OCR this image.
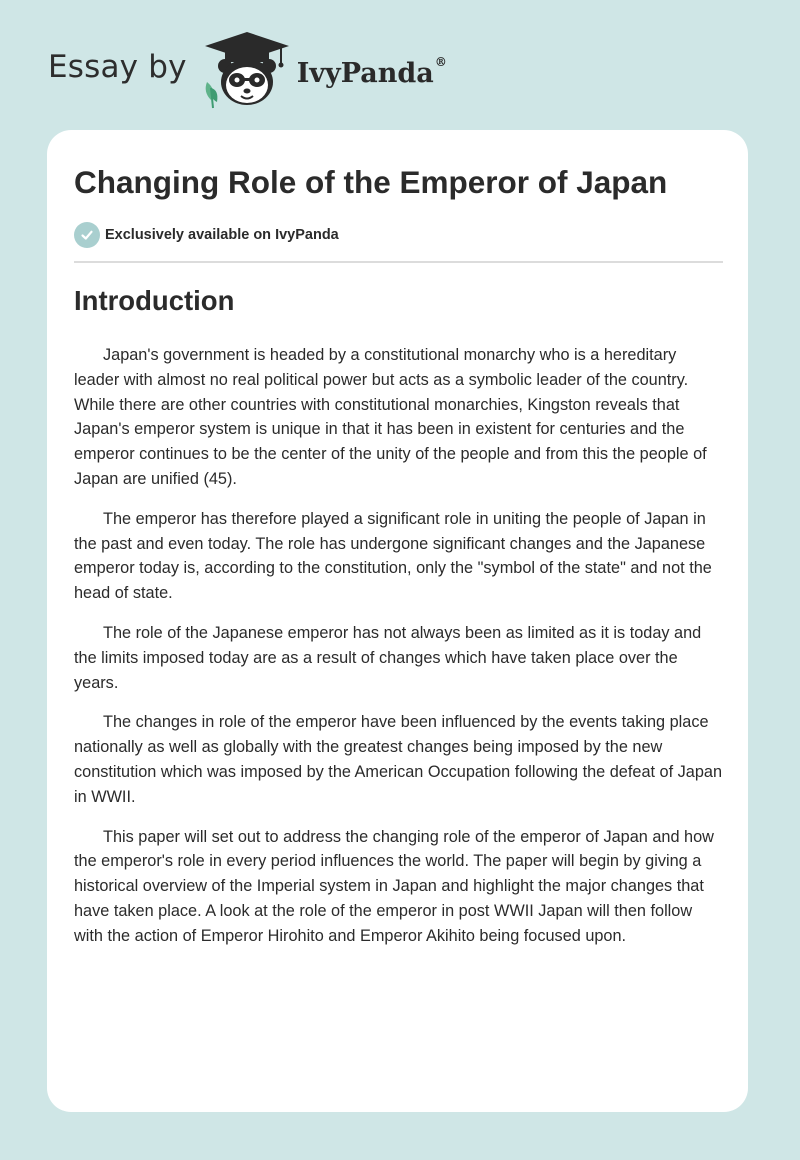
Essay by	IvyPanda®
Changing Role of the Emperor of Japan
Exclusively available on IvyPanda
Introduction

Japan's government is headed by a constitutional monarchy who is a hereditary leader with almost no real political power but acts as a symbolic leader of the country. While there are other countries with constitutional monarchies, Kingston reveals that Japan's emperor system is unique in that it has been in existent for centuries and the emperor continues to be the center of the unity of the people and from this the people of Japan are unified (45).

The emperor has therefore played a significant role in uniting the people of Japan in the past and even today. The role has undergone significant changes and the Japanese emperor today is, according to the constitution, only the "symbol of the state" and not the head of state.

The role of the Japanese emperor has not always been as limited as it is today and the limits imposed today are as a result of changes which have taken place over the years.

The changes in role of the emperor have been influenced by the events taking place nationally as well as globally with the greatest changes being imposed by the new constitution which was imposed by the American Occupation following the defeat of Japan in WWII.

This paper will set out to address the changing role of the emperor of Japan and how the emperor's role in every period influences the world. The paper will begin by giving a historical overview of the Imperial system in Japan and highlight the major changes that have taken place. A look at the role of the emperor in post WWII Japan will then follow with the action of Emperor Hirohito and Emperor Akihito being focused upon.
